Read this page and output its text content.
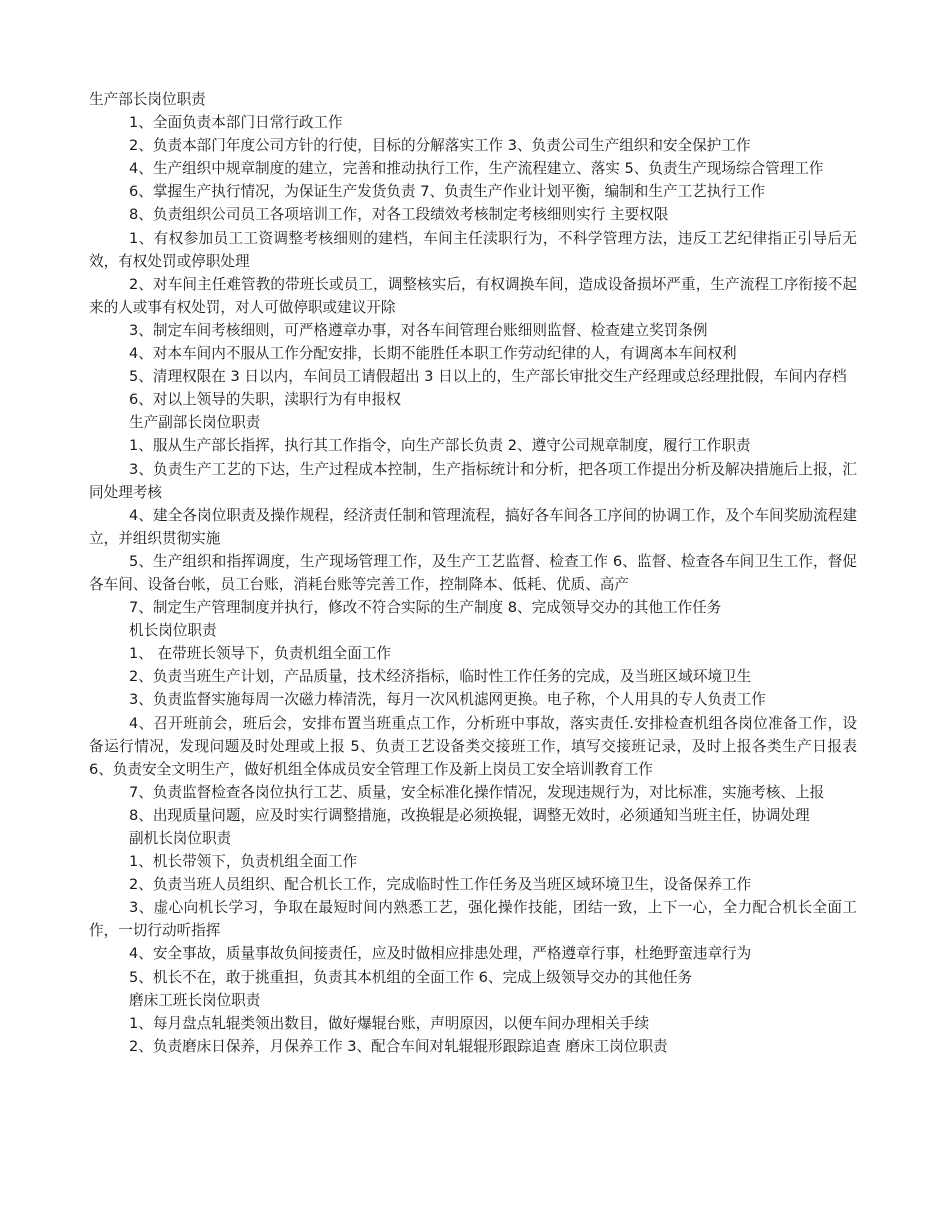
生产部长岗位职责

1、全面负责本部门日常行政工作

2、负责本部门年度公司方针的行使，目标的分解落实工作 3、负责公司生产组织和安全保护工作

4、生产组织中规章制度的建立，完善和推动执行工作，生产流程建立、落实 5、负责生产现场综合管理工作

6、掌握生产执行情况，为保证生产发货负责 7、负责生产作业计划平衡，编制和生产工艺执行工作

8、负责组织公司员工各项培训工作，对各工段绩效考核制定考核细则实行 主要权限

1、有权参加员工工资调整考核细则的建档，车间主任渎职行为，不科学管理方法，违反工艺纪律指正引导后无效，有权处罚或停职处理

2、对车间主任难管教的带班长或员工，调整核实后，有权调换车间，造成设备损坏严重，生产流程工序衔接不起来的人或事有权处罚，对人可做停职或建议开除

3、制定车间考核细则，可严格遵章办事，对各车间管理台账细则监督、检查建立奖罚条例

4、对本车间内不服从工作分配安排，长期不能胜任本职工作劳动纪律的人，有调离本车间权利

5、清理权限在 3 日以内，车间员工请假超出 3 日以上的，生产部长审批交生产经理或总经理批假，车间内存档

6、对以上领导的失职，渎职行为有申报权

生产副部长岗位职责

1、服从生产部长指挥，执行其工作指令，向生产部长负责 2、遵守公司规章制度，履行工作职责

3、负责生产工艺的下达，生产过程成本控制，生产指标统计和分析，把各项工作提出分析及解决措施后上报，汇同处理考核

4、建全各岗位职责及操作规程，经济责任制和管理流程，搞好各车间各工序间的协调工作，及个车间奖励流程建立，并组织贯彻实施

5、生产组织和指挥调度，生产现场管理工作，及生产工艺监督、检查工作 6、监督、检查各车间卫生工作，督促各车间、设备台帐，员工台账，消耗台账等完善工作，控制降本、低耗、优质、高产

7、制定生产管理制度并执行，修改不符合实际的生产制度 8、完成领导交办的其他工作任务

机长岗位职责

1、 在带班长领导下，负责机组全面工作

2、负责当班生产计划，产品质量，技术经济指标，临时性工作任务的完成，及当班区域环境卫生

3、负责监督实施每周一次磁力棒清洗，每月一次风机滤网更换。电子称，个人用具的专人负责工作

4、召开班前会，班后会，安排布置当班重点工作，分析班中事故，落实责任.安排检查机组各岗位准备工作，设备运行情况，发现问题及时处理或上报 5、负责工艺设备类交接班工作，填写交接班记录，及时上报各类生产日报表 6、负责安全文明生产，做好机组全体成员安全管理工作及新上岗员工安全培训教育工作

7、负责监督检查各岗位执行工艺、质量，安全标准化操作情况，发现违规行为，对比标准，实施考核、上报

8、出现质量问题，应及时实行调整措施，改换辊是必须换辊，调整无效时，必须通知当班主任，协调处理

副机长岗位职责

1、机长带领下，负责机组全面工作

2、负责当班人员组织、配合机长工作，完成临时性工作任务及当班区域环境卫生，设备保养工作

3、虚心向机长学习，争取在最短时间内熟悉工艺，强化操作技能，团结一致，上下一心，全力配合机长全面工作，一切行动听指挥

4、安全事故，质量事故负间接责任，应及时做相应排患处理，严格遵章行事，杜绝野蛮违章行为

5、机长不在，敢于挑重担，负责其本机组的全面工作 6、完成上级领导交办的其他任务

磨床工班长岗位职责

1、每月盘点轧辊类领出数目，做好爆辊台账，声明原因，以便车间办理相关手续

2、负责磨床日保养，月保养工作 3、配合车间对轧辊辊形跟踪追查 磨床工岗位职责
